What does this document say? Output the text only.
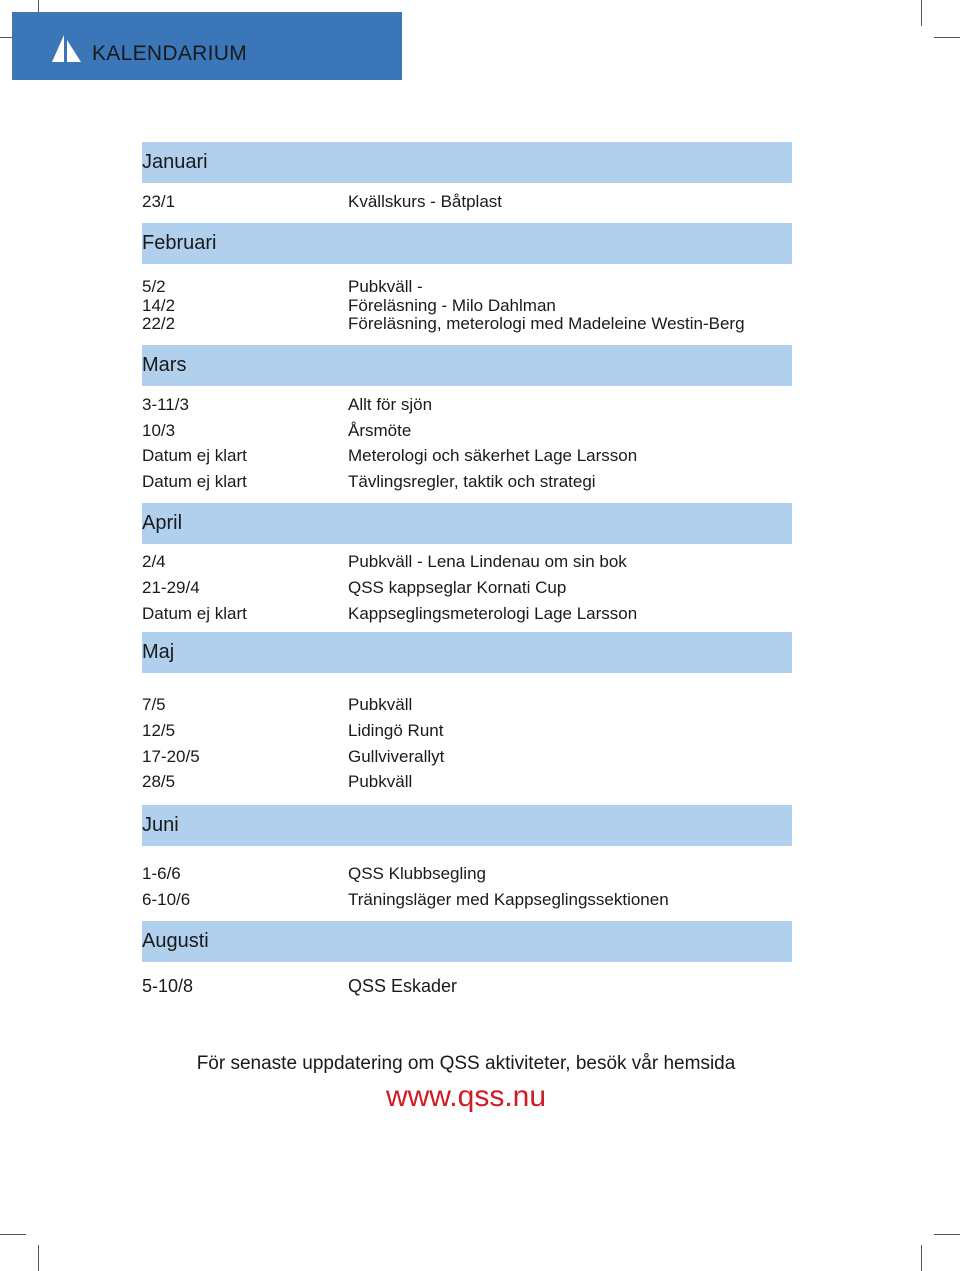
KALENDARIUM
Januari
23/1	Kvällskurs - Båtplast
Februari
5/2	Pubkväll -
14/2	Föreläsning - Milo Dahlman
22/2	Föreläsning, meterologi med Madeleine Westin-Berg
Mars
3-11/3	Allt för sjön
10/3	Årsmöte
Datum ej klart	Meterologi och säkerhet Lage Larsson
Datum ej klart	Tävlingsregler, taktik och strategi
April
2/4	Pubkväll - Lena Lindenau om sin bok
21-29/4	QSS kappseglar Kornati Cup
Datum ej klart	Kappseglingsmeterologi Lage Larsson
Maj
7/5	Pubkväll
12/5	Lidingö Runt
17-20/5	Gullviverallyt
28/5	Pubkväll
Juni
1-6/6	QSS Klubbsegling
6-10/6	Träningsläger med Kappseglingssektionen
Augusti
5-10/8	QSS Eskader
För senaste uppdatering om QSS aktiviteter, besök vår hemsida
www.qss.nu
